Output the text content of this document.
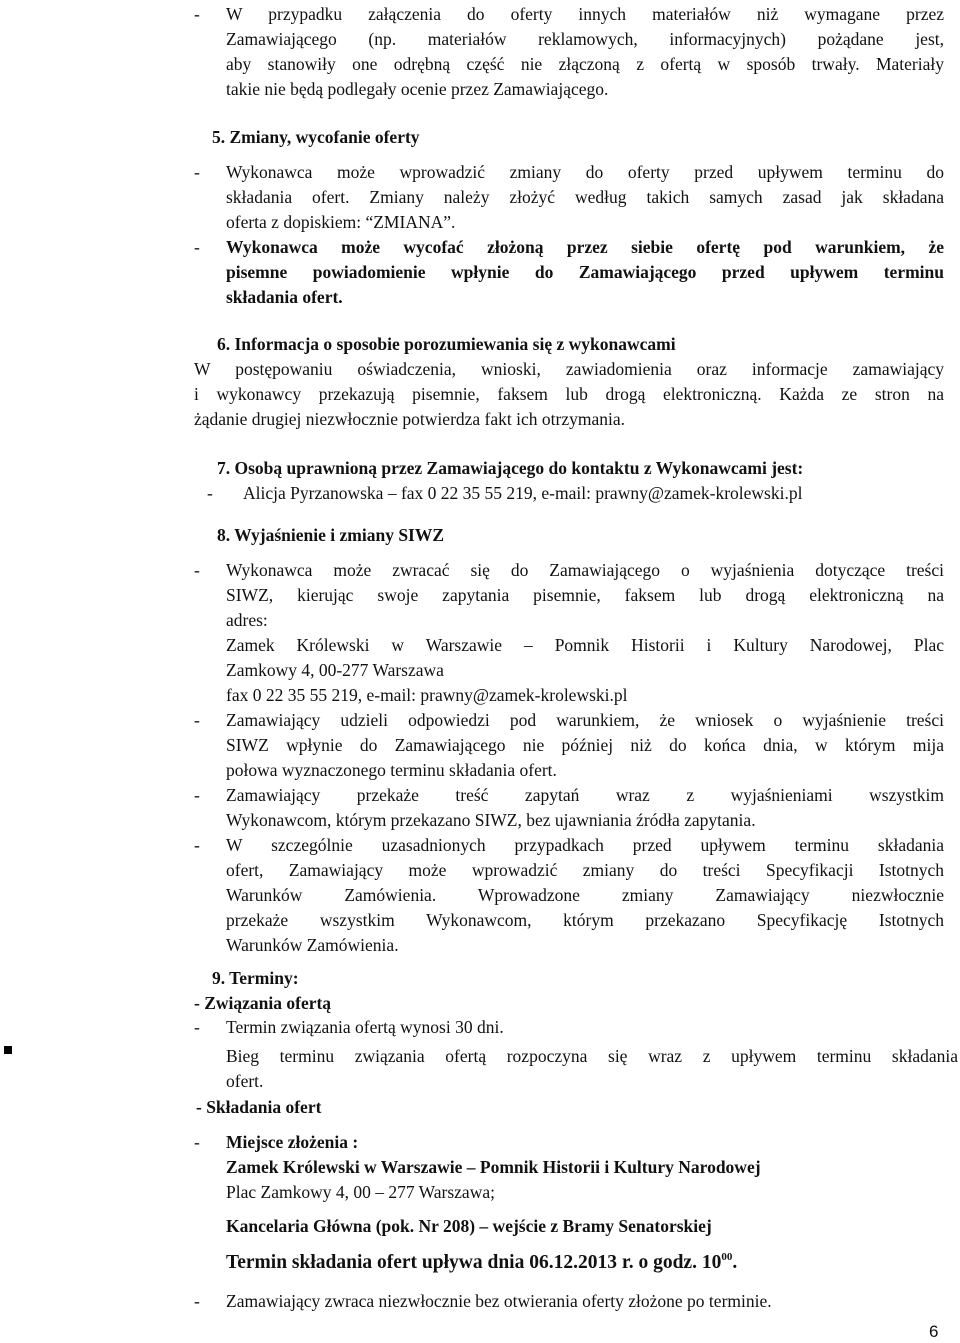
- W przypadku załączenia do oferty innych materiałów niż wymagane przez
Zamawiającego (np. materiałów reklamowych, informacyjnych) pożądane jest,
aby stanowiły one odrębną część nie złączoną z ofertą w sposób trwały. Materiały
takie nie będą podlegały ocenie przez Zamawiającego.
5. Zmiany, wycofanie oferty
- Wykonawca może wprowadzić zmiany do oferty przed upływem terminu do
składania ofert. Zmiany należy złożyć według takich samych zasad jak składana
oferta z dopiskiem: “ZMIANA”.
- Wykonawca może wycofać złożoną przez siebie ofertę pod warunkiem, że
pisemne powiadomienie wpłynie do Zamawiającego przed upływem terminu
składania ofert.
6. Informacja o sposobie porozumiewania się z wykonawcami
W postępowaniu oświadczenia, wnioski, zawiadomienia oraz informacje zamawiający
i wykonawcy przekazują pisemnie, faksem lub drogą elektroniczną. Każda ze stron na
żądanie drugiej niezwłocznie potwierdza fakt ich otrzymania.
7. Osobą uprawnioną przez Zamawiającego do kontaktu z Wykonawcami jest:
- Alicja Pyrzanowska – fax 0 22 35 55 219, e-mail: prawny@zamek-krolewski.pl
8. Wyjaśnienie i zmiany SIWZ
- Wykonawca może zwracać się do Zamawiającego o wyjaśnienia dotyczące treści
SIWZ, kierując swoje zapytania pisemnie, faksem lub drogą elektroniczną na
adres:
Zamek Królewski w Warszawie – Pomnik Historii i Kultury Narodowej, Plac
Zamkowy 4, 00-277 Warszawa
fax 0 22 35 55 219, e-mail: prawny@zamek-krolewski.pl
- Zamawiający udzieli odpowiedzi pod warunkiem, że wniosek o wyjaśnienie treści
SIWZ wpłynie do Zamawiającego nie później niż do końca dnia, w którym mija
połowa wyznaczonego terminu składania ofert.
- Zamawiający przekaże treść zapytań wraz z wyjaśnieniami wszystkim
Wykonawcom, którym przekazano SIWZ, bez ujawniania źródła zapytania.
- W szczególnie uzasadnionych przypadkach przed upływem terminu składania
ofert, Zamawiający może wprowadzić zmiany do treści Specyfikacji Istotnych
Warunków Zamówienia. Wprowadzone zmiany Zamawiający niezwłocznie
przekaże wszystkim Wykonawcom, którym przekazano Specyfikację Istotnych
Warunków Zamówienia.
9. Terminy:
- Związania ofertą
- Termin związania ofertą wynosi 30 dni.
Bieg terminu związania ofertą rozpoczyna się wraz z upływem terminu składania
ofert.
- Składania ofert
- Miejsce złożenia :
Zamek Królewski w Warszawie – Pomnik Historii i Kultury Narodowej
Plac Zamkowy 4, 00 – 277 Warszawa;
Kancelaria Główna (pok. Nr 208) – wejście z Bramy Senatorskiej
Termin składania ofert upływa dnia 06.12.2013 r. o godz. $10^{00}$.
- Zamawiający zwraca niezwłocznie bez otwierania oferty złożone po terminie.
6
